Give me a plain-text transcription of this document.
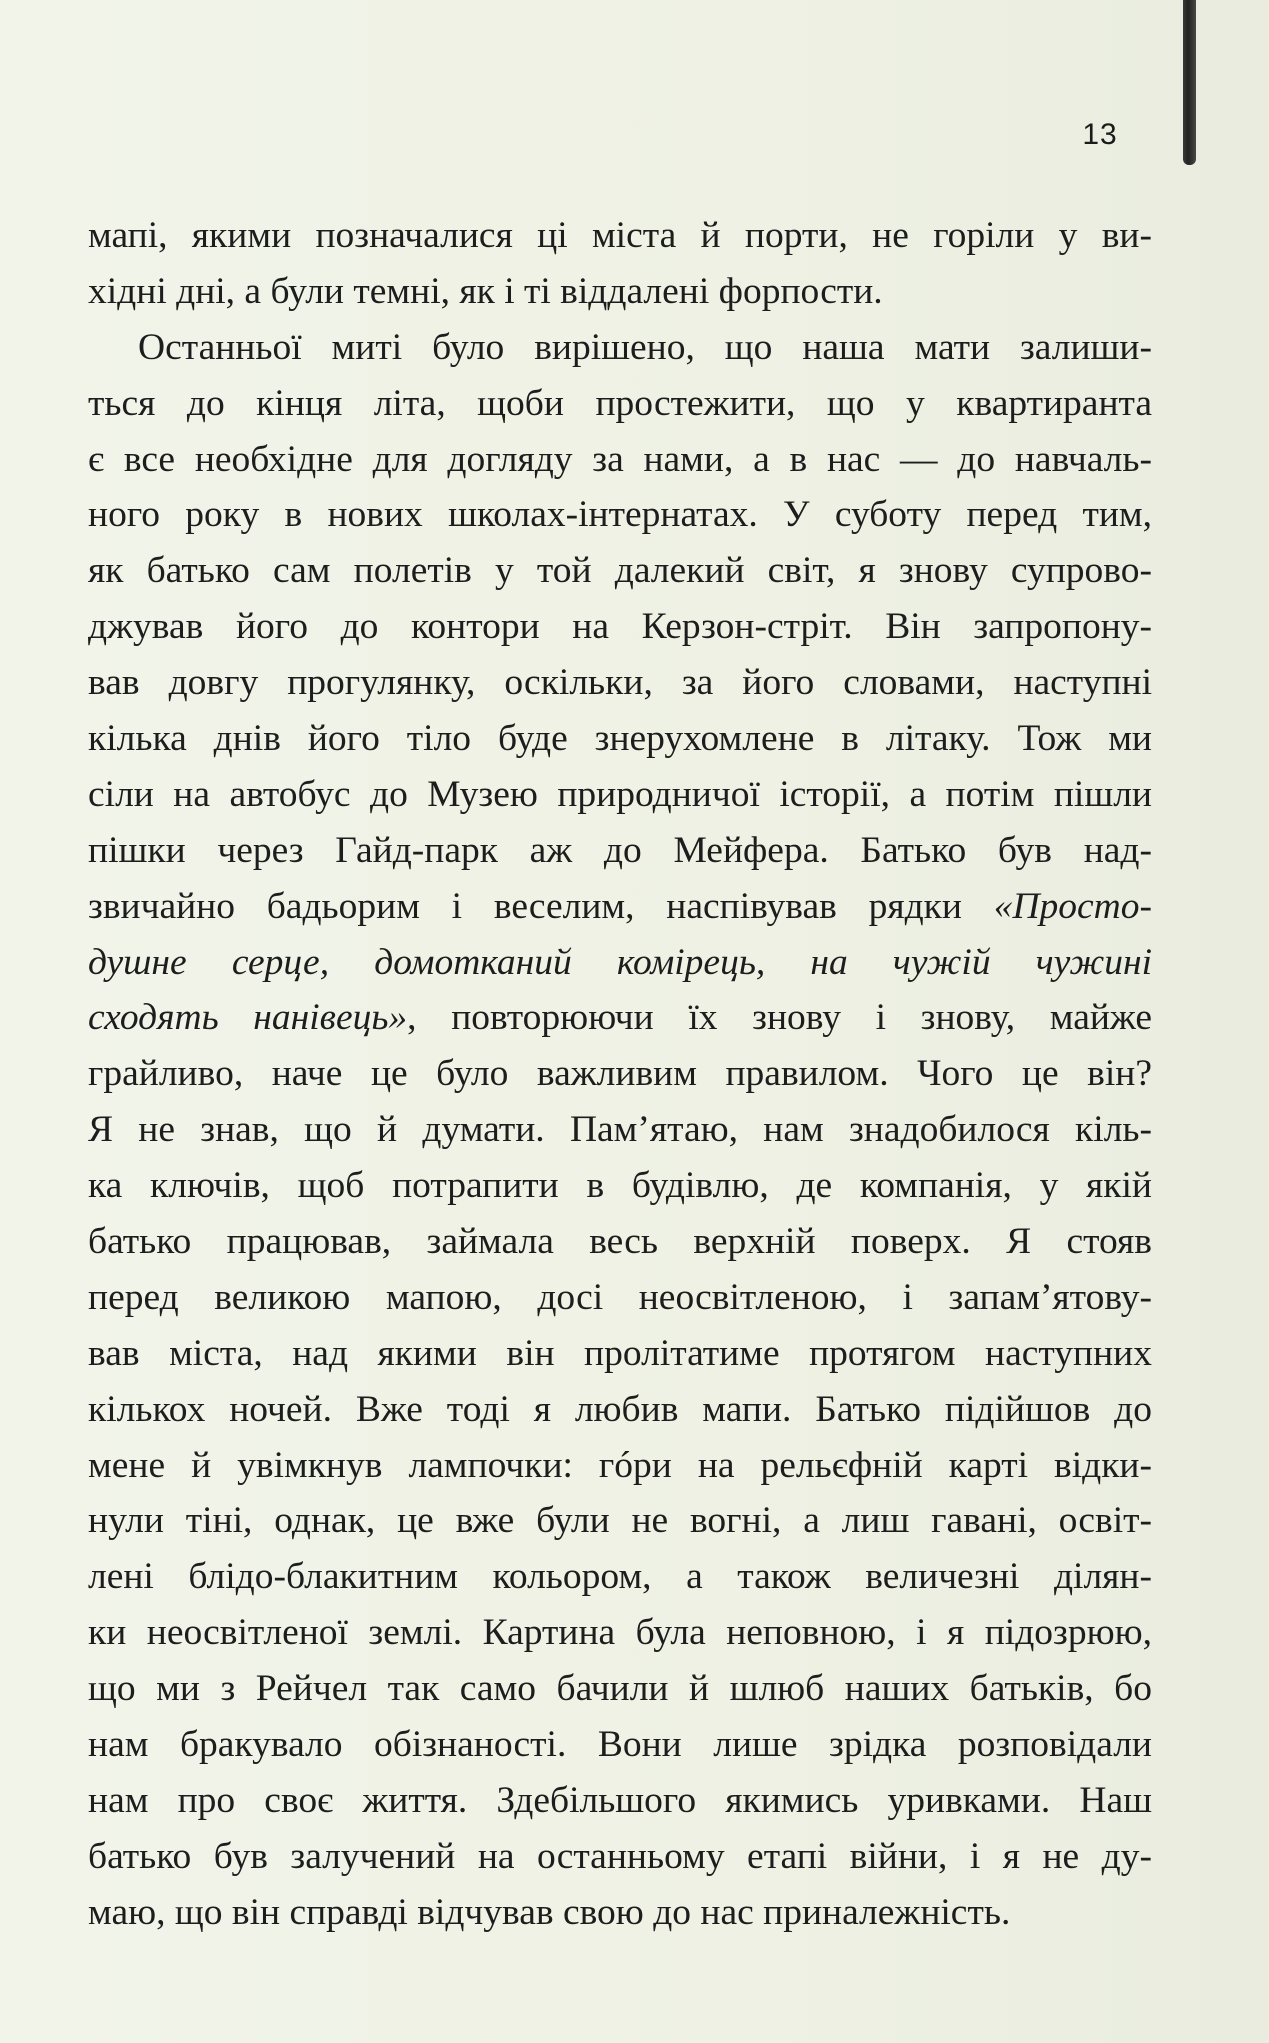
13
мапі, якими позначалися ці міста й порти, не горіли у ви-
хідні дні, а були темні, як і ті віддалені форпости.
Останньої миті було вирішено, що наша мати залиши-
ться до кінця літа, щоби простежити, що у квартиранта
є все необхідне для догляду за нами, а в нас — до навчаль-
ного року в нових школах-інтернатах. У суботу перед тим,
як батько сам полетів у той далекий світ, я знову супрово-
джував його до контори на Керзон-стріт. Він запропону-
вав довгу прогулянку, оскільки, за його словами, наступні
кілька днів його тіло буде знерухомлене в літаку. Тож ми
сіли на автобус до Музею природничої історії, а потім пішли
пішки через Гайд-парк аж до Мейфера. Батько був над-
звичайно бадьорим і веселим, наспівував рядки «Просто-
душне серце, домотканий комірець, на чужій чужині
сходять нанівець», повторюючи їх знову і знову, майже
грайливо, наче це було важливим правилом. Чого це він?
Я не знав, що й думати. Пам’ятаю, нам знадобилося кіль-
ка ключів, щоб потрапити в будівлю, де компанія, у якій
батько працював, займала весь верхній поверх. Я стояв
перед великою мапою, досі неосвітленою, і запам’ятову-
вав міста, над якими він пролітатиме протягом наступних
кількох ночей. Вже тоді я любив мапи. Батько підійшов до
мене й увімкнув лампочки: гóри на рельєфній карті відки-
нули тіні, однак, це вже були не вогні, а лиш гавані, освіт-
лені блідо-блакитним кольором, а також величезні ділян-
ки неосвітленої землі. Картина була неповною, і я підозрюю,
що ми з Рейчел так само бачили й шлюб наших батьків, бо
нам бракувало обізнаності. Вони лише зрідка розповідали
нам про своє життя. Здебільшого якимись уривками. Наш
батько був залучений на останньому етапі війни, і я не ду-
маю, що він справді відчував свою до нас приналежність.
